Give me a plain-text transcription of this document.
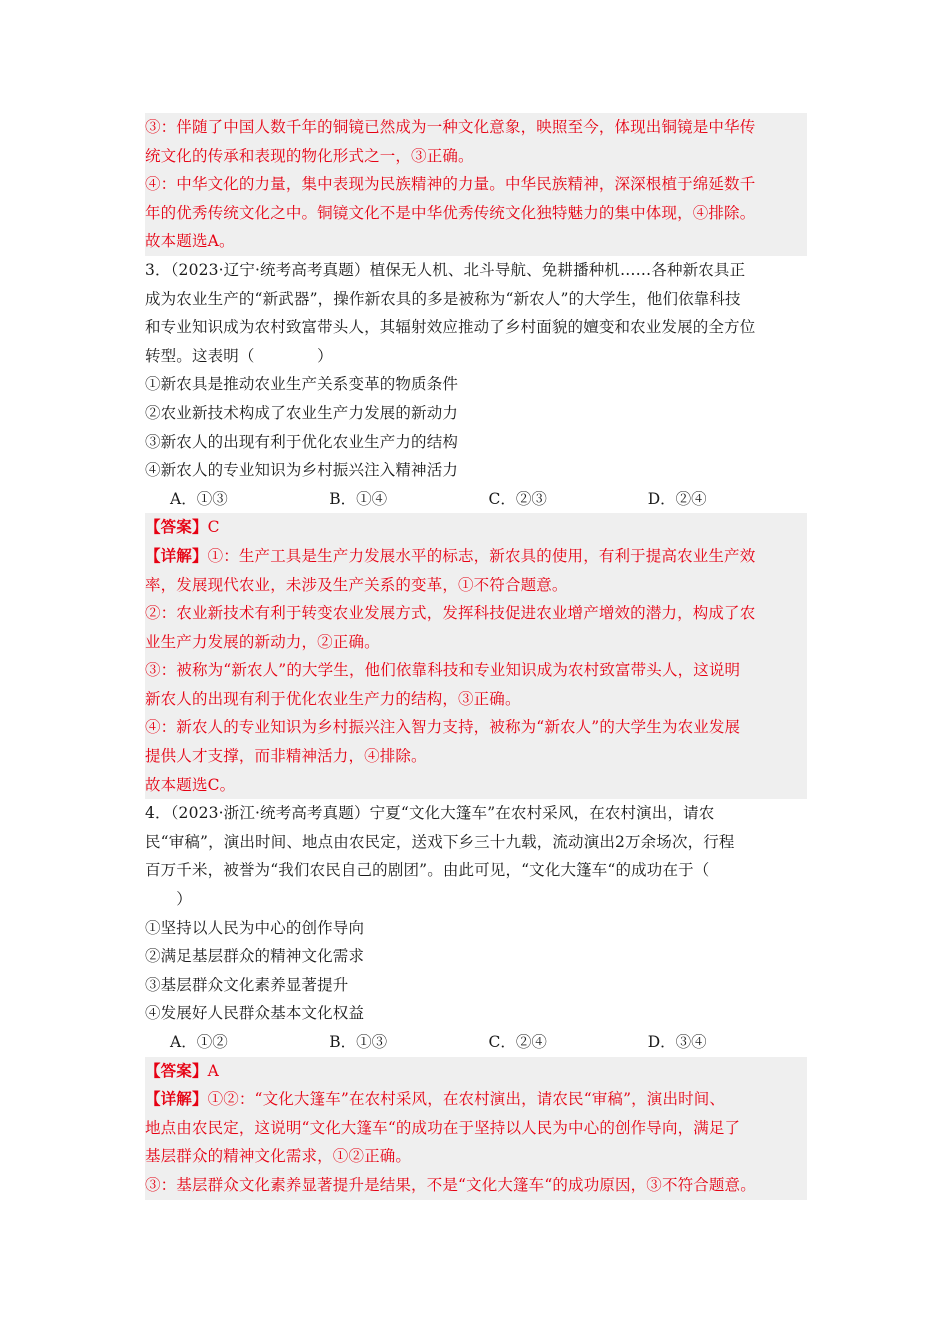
③：伴随了中国人数千年的铜镜已然成为一种文化意象，映照至今，体现出铜镜是中华传
统文化的传承和表现的物化形式之一，③正确。
④：中华文化的力量，集中表现为民族精神的力量。中华民族精神，深深根植于绵延数千
年的优秀传统文化之中。铜镜文化不是中华优秀传统文化独特魅力的集中体现，④排除。
故本题选A。
3．（2023·辽宁·统考高考真题）植保无人机、北斗导航、免耕播种机……各种新农具正
成为农业生产的“新武器”，操作新农具的多是被称为“新农人”的大学生，他们依靠科技
和专业知识成为农村致富带头人，其辐射效应推动了乡村面貌的嬗变和农业发展的全方位
转型。这表明（　　　　）
①新农具是推动农业生产关系变革的物质条件
②农业新技术构成了农业生产力发展的新动力
③新农人的出现有利于优化农业生产力的结构
④新农人的专业知识为乡村振兴注入精神活力
A．①③	B．①④	C．②③	D．②④
【答案】C
【详解】①：生产工具是生产力发展水平的标志，新农具的使用，有利于提高农业生产效
率，发展现代农业，未涉及生产关系的变革，①不符合题意。
②：农业新技术有利于转变农业发展方式，发挥科技促进农业增产增效的潜力，构成了农
业生产力发展的新动力，②正确。
③：被称为“新农人”的大学生，他们依靠科技和专业知识成为农村致富带头人，这说明
新农人的出现有利于优化农业生产力的结构，③正确。
④：新农人的专业知识为乡村振兴注入智力支持，被称为“新农人”的大学生为农业发展
提供人才支撑，而非精神活力，④排除。
故本题选C。
4．（2023·浙江·统考高考真题）宁夏“文化大篷车”在农村采风，在农村演出，请农
民“审稿”，演出时间、地点由农民定，送戏下乡三十九载，流动演出2万余场次，行程
百万千米，被誉为“我们农民自己的剧团”。由此可见，“文化大篷车“的成功在于（
　　）
①坚持以人民为中心的创作导向
②满足基层群众的精神文化需求
③基层群众文化素养显著提升
④发展好人民群众基本文化权益
A．①②	B．①③	C．②④	D．③④
【答案】A
【详解】①②：“文化大篷车”在农村采风，在农村演出，请农民“审稿”，演出时间、
地点由农民定，这说明“文化大篷车“的成功在于坚持以人民为中心的创作导向，满足了
基层群众的精神文化需求，①②正确。
③：基层群众文化素养显著提升是结果，不是“文化大篷车“的成功原因，③不符合题意。
